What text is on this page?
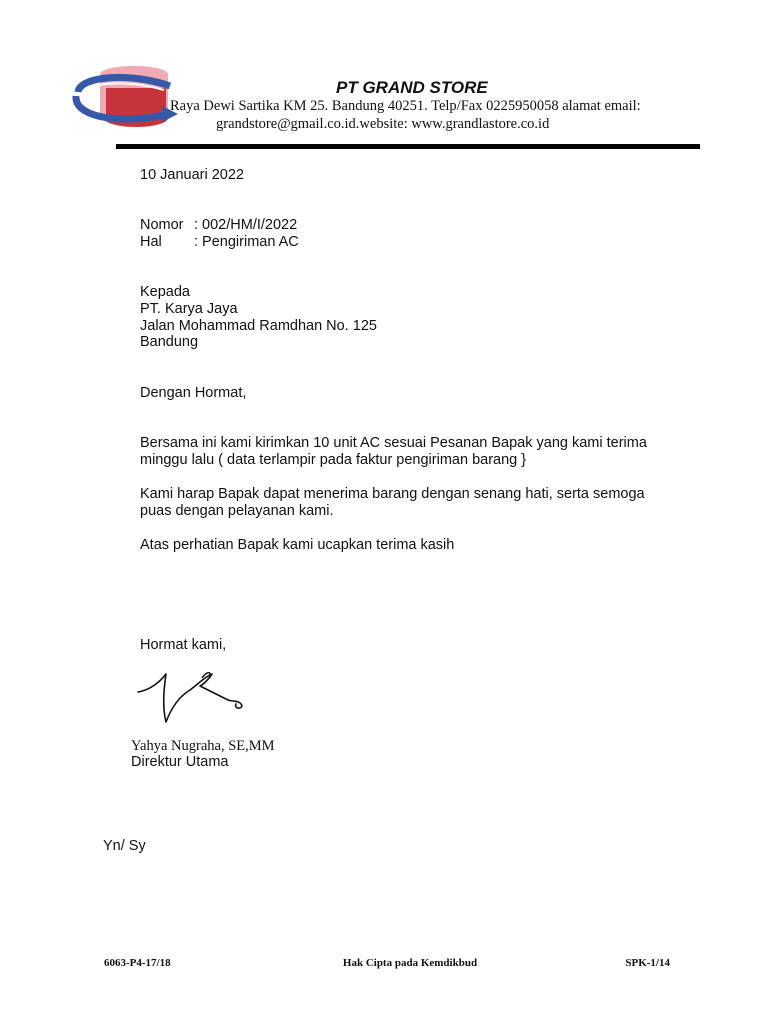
PT GRAND STORE
Raya Dewi Sartika KM 25. Bandung 40251. Telp/Fax 0225950058 alamat email:
grandstore@gmail.co.id.website: www.grandlastore.co.id
10 Januari 2022
Nomor : 002/HM/I/2022
Hal : Pengiriman AC
Kepada
PT. Karya Jaya
Jalan Mohammad Ramdhan No. 125
Bandung
Dengan Hormat,
Bersama ini kami kirimkan 10 unit AC sesuai Pesanan Bapak yang kami terima
minggu lalu ( data terlampir pada faktur pengiriman barang }
Kami harap Bapak dapat menerima barang dengan senang hati, serta semoga
puas dengan pelayanan kami.
Atas perhatian Bapak kami ucapkan terima kasih
Hormat kami,
Yahya Nugraha, SE,MM
Direktur Utama
Yn/ Sy
6063-P4-17/18	Hak Cipta pada Kemdikbud	SPK-1/14
